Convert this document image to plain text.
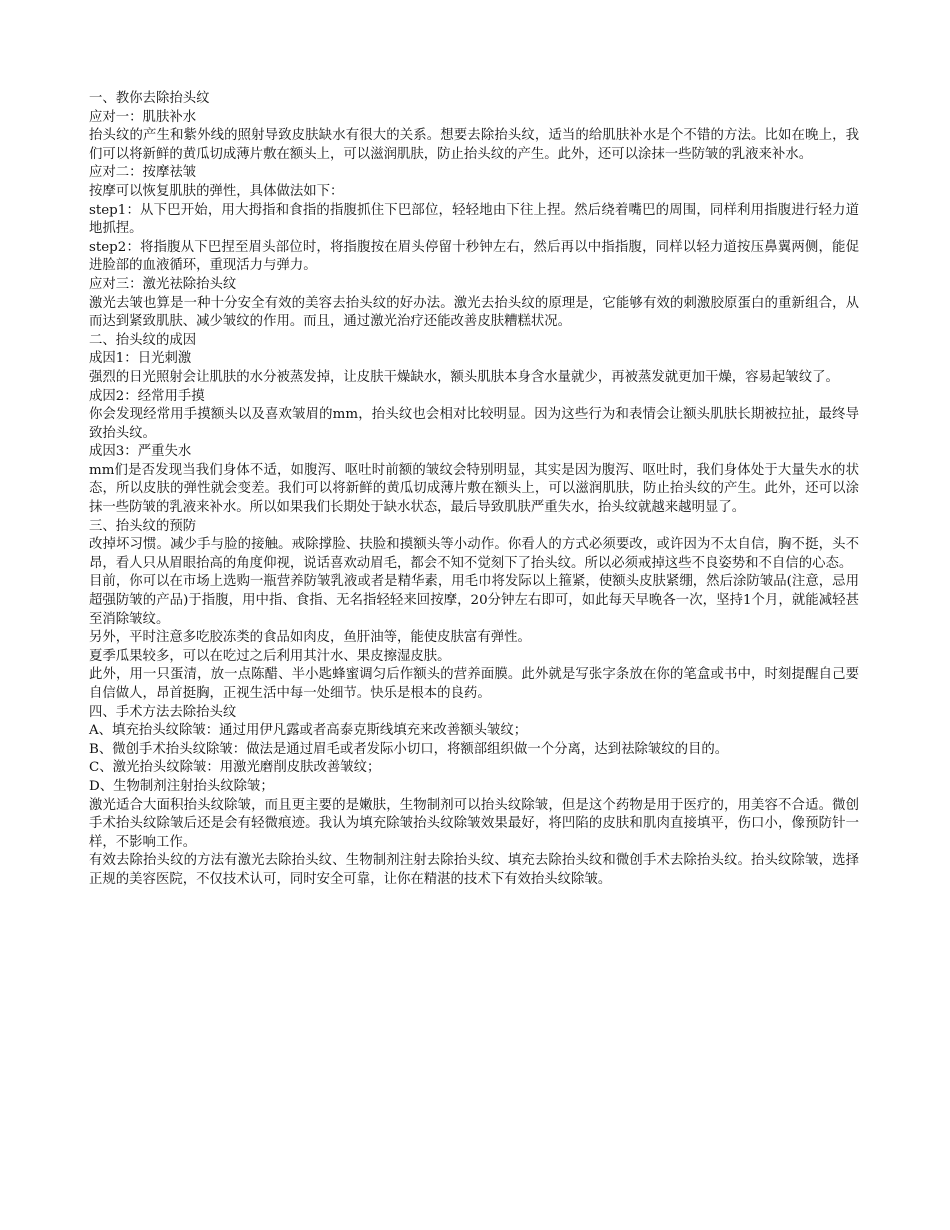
一、教你去除抬头纹

应对一：肌肤补水

抬头纹的产生和紫外线的照射导致皮肤缺水有很大的关系。想要去除抬头纹，适当的给肌肤补水是个不错的方法。比如在晚上，我们可以将新鲜的黄瓜切成薄片敷在额头上，可以滋润肌肤，防止抬头纹的产生。此外，还可以涂抹一些防皱的乳液来补水。

应对二：按摩祛皱

按摩可以恢复肌肤的弹性，具体做法如下：

step1：从下巴开始，用大拇指和食指的指腹抓住下巴部位，轻轻地由下往上捏。然后绕着嘴巴的周围，同样利用指腹进行轻力道地抓捏。

step2：将指腹从下巴捏至眉头部位时，将指腹按在眉头停留十秒钟左右，然后再以中指指腹，同样以轻力道按压鼻翼两侧，能促进脸部的血液循环，重现活力与弹力。

应对三：激光祛除抬头纹

激光去皱也算是一种十分安全有效的美容去抬头纹的好办法。激光去抬头纹的原理是，它能够有效的刺激胶原蛋白的重新组合，从而达到紧致肌肤、减少皱纹的作用。而且，通过激光治疗还能改善皮肤糟糕状况。

二、抬头纹的成因

成因1：日光刺激

强烈的日光照射会让肌肤的水分被蒸发掉，让皮肤干燥缺水，额头肌肤本身含水量就少，再被蒸发就更加干燥，容易起皱纹了。

成因2：经常用手摸

你会发现经常用手摸额头以及喜欢皱眉的mm，抬头纹也会相对比较明显。因为这些行为和表情会让额头肌肤长期被拉扯，最终导致抬头纹。

成因3：严重失水

mm们是否发现当我们身体不适，如腹泻、呕吐时前额的皱纹会特别明显，其实是因为腹泻、呕吐时，我们身体处于大量失水的状态，所以皮肤的弹性就会变差。我们可以将新鲜的黄瓜切成薄片敷在额头上，可以滋润肌肤，防止抬头纹的产生。此外，还可以涂抹一些防皱的乳液来补水。所以如果我们长期处于缺水状态，最后导致肌肤严重失水，抬头纹就越来越明显了。

三、抬头纹的预防

改掉坏习惯。减少手与脸的接触。戒除撑脸、扶脸和摸额头等小动作。你看人的方式必须要改，或许因为不太自信，胸不挺，头不昂，看人只从眉眼抬高的角度仰视，说话喜欢动眉毛，都会不知不觉刻下了抬头纹。所以必须戒掉这些不良姿势和不自信的心态。

目前，你可以在市场上选购一瓶营养防皱乳液或者是精华素，用毛巾将发际以上箍紧，使额头皮肤紧绷，然后涂防皱品(注意，忌用超强防皱的产品)于指腹，用中指、食指、无名指轻轻来回按摩，20分钟左右即可，如此每天早晚各一次，坚持1个月，就能减轻甚至消除皱纹。

另外，平时注意多吃胶冻类的食品如肉皮，鱼肝油等，能使皮肤富有弹性。

夏季瓜果较多，可以在吃过之后利用其汁水、果皮擦湿皮肤。

此外，用一只蛋清，放一点陈醋、半小匙蜂蜜调匀后作额头的营养面膜。此外就是写张字条放在你的笔盒或书中，时刻提醒自己要自信做人，昂首挺胸，正视生活中每一处细节。快乐是根本的良药。

四、手术方法去除抬头纹

A、填充抬头纹除皱：通过用伊凡露或者高泰克斯线填充来改善额头皱纹；

B、微创手术抬头纹除皱：做法是通过眉毛或者发际小切口，将额部组织做一个分离，达到祛除皱纹的目的。

C、激光抬头纹除皱：用激光磨削皮肤改善皱纹；

D、生物制剂注射抬头纹除皱；

激光适合大面积抬头纹除皱，而且更主要的是嫩肤，生物制剂可以抬头纹除皱，但是这个药物是用于医疗的，用美容不合适。微创手术抬头纹除皱后还是会有轻微痕迹。我认为填充除皱抬头纹除皱效果最好，将凹陷的皮肤和肌肉直接填平，伤口小，像预防针一样，不影响工作。

有效去除抬头纹的方法有激光去除抬头纹、生物制剂注射去除抬头纹、填充去除抬头纹和微创手术去除抬头纹。抬头纹除皱，选择正规的美容医院，不仅技术认可，同时安全可靠，让你在精湛的技术下有效抬头纹除皱。
